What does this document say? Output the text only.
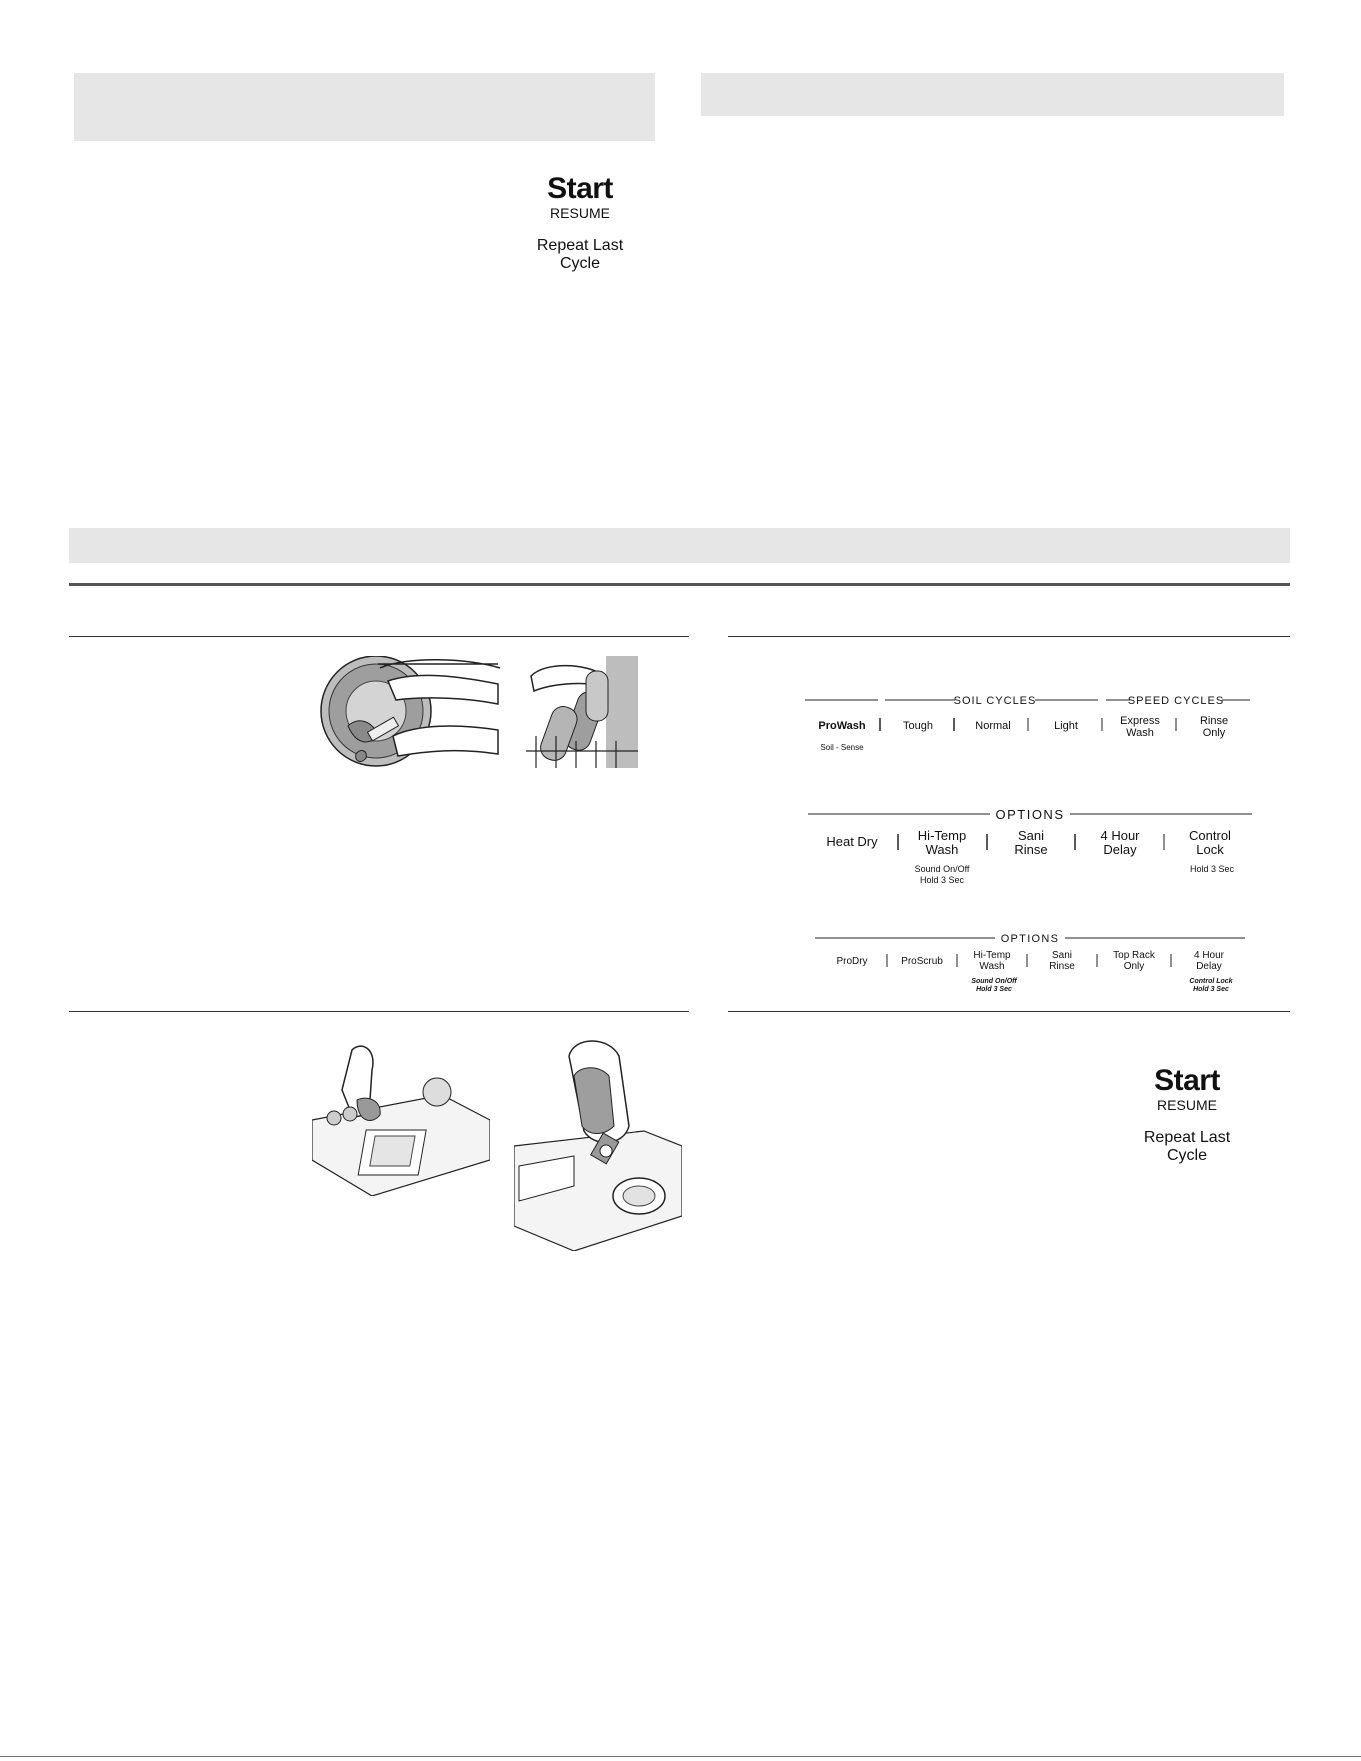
Start
RESUME
Repeat Last
Cycle
SOIL CYCLES	SPEED CYCLES
ProWash	Tough	Normal	Light	Express
Wash
Rinse
Only
Soil - Sense
OPTIONS
Heat Dry	Hi-Temp
Wash
Sani
Rinse
4 Hour
Delay
Control
Lock
Sound On/Off
Hold 3 Sec
Hold 3 Sec
OPTIONS
ProDry	ProScrub
Hi-Temp
Wash
Sani
Rinse
Top Rack
Only
4 Hour
Delay
Sound On/Off
Hold 3 Sec
Control Lock
Hold 3 Sec
Start
RESUME
Repeat Last
Cycle
